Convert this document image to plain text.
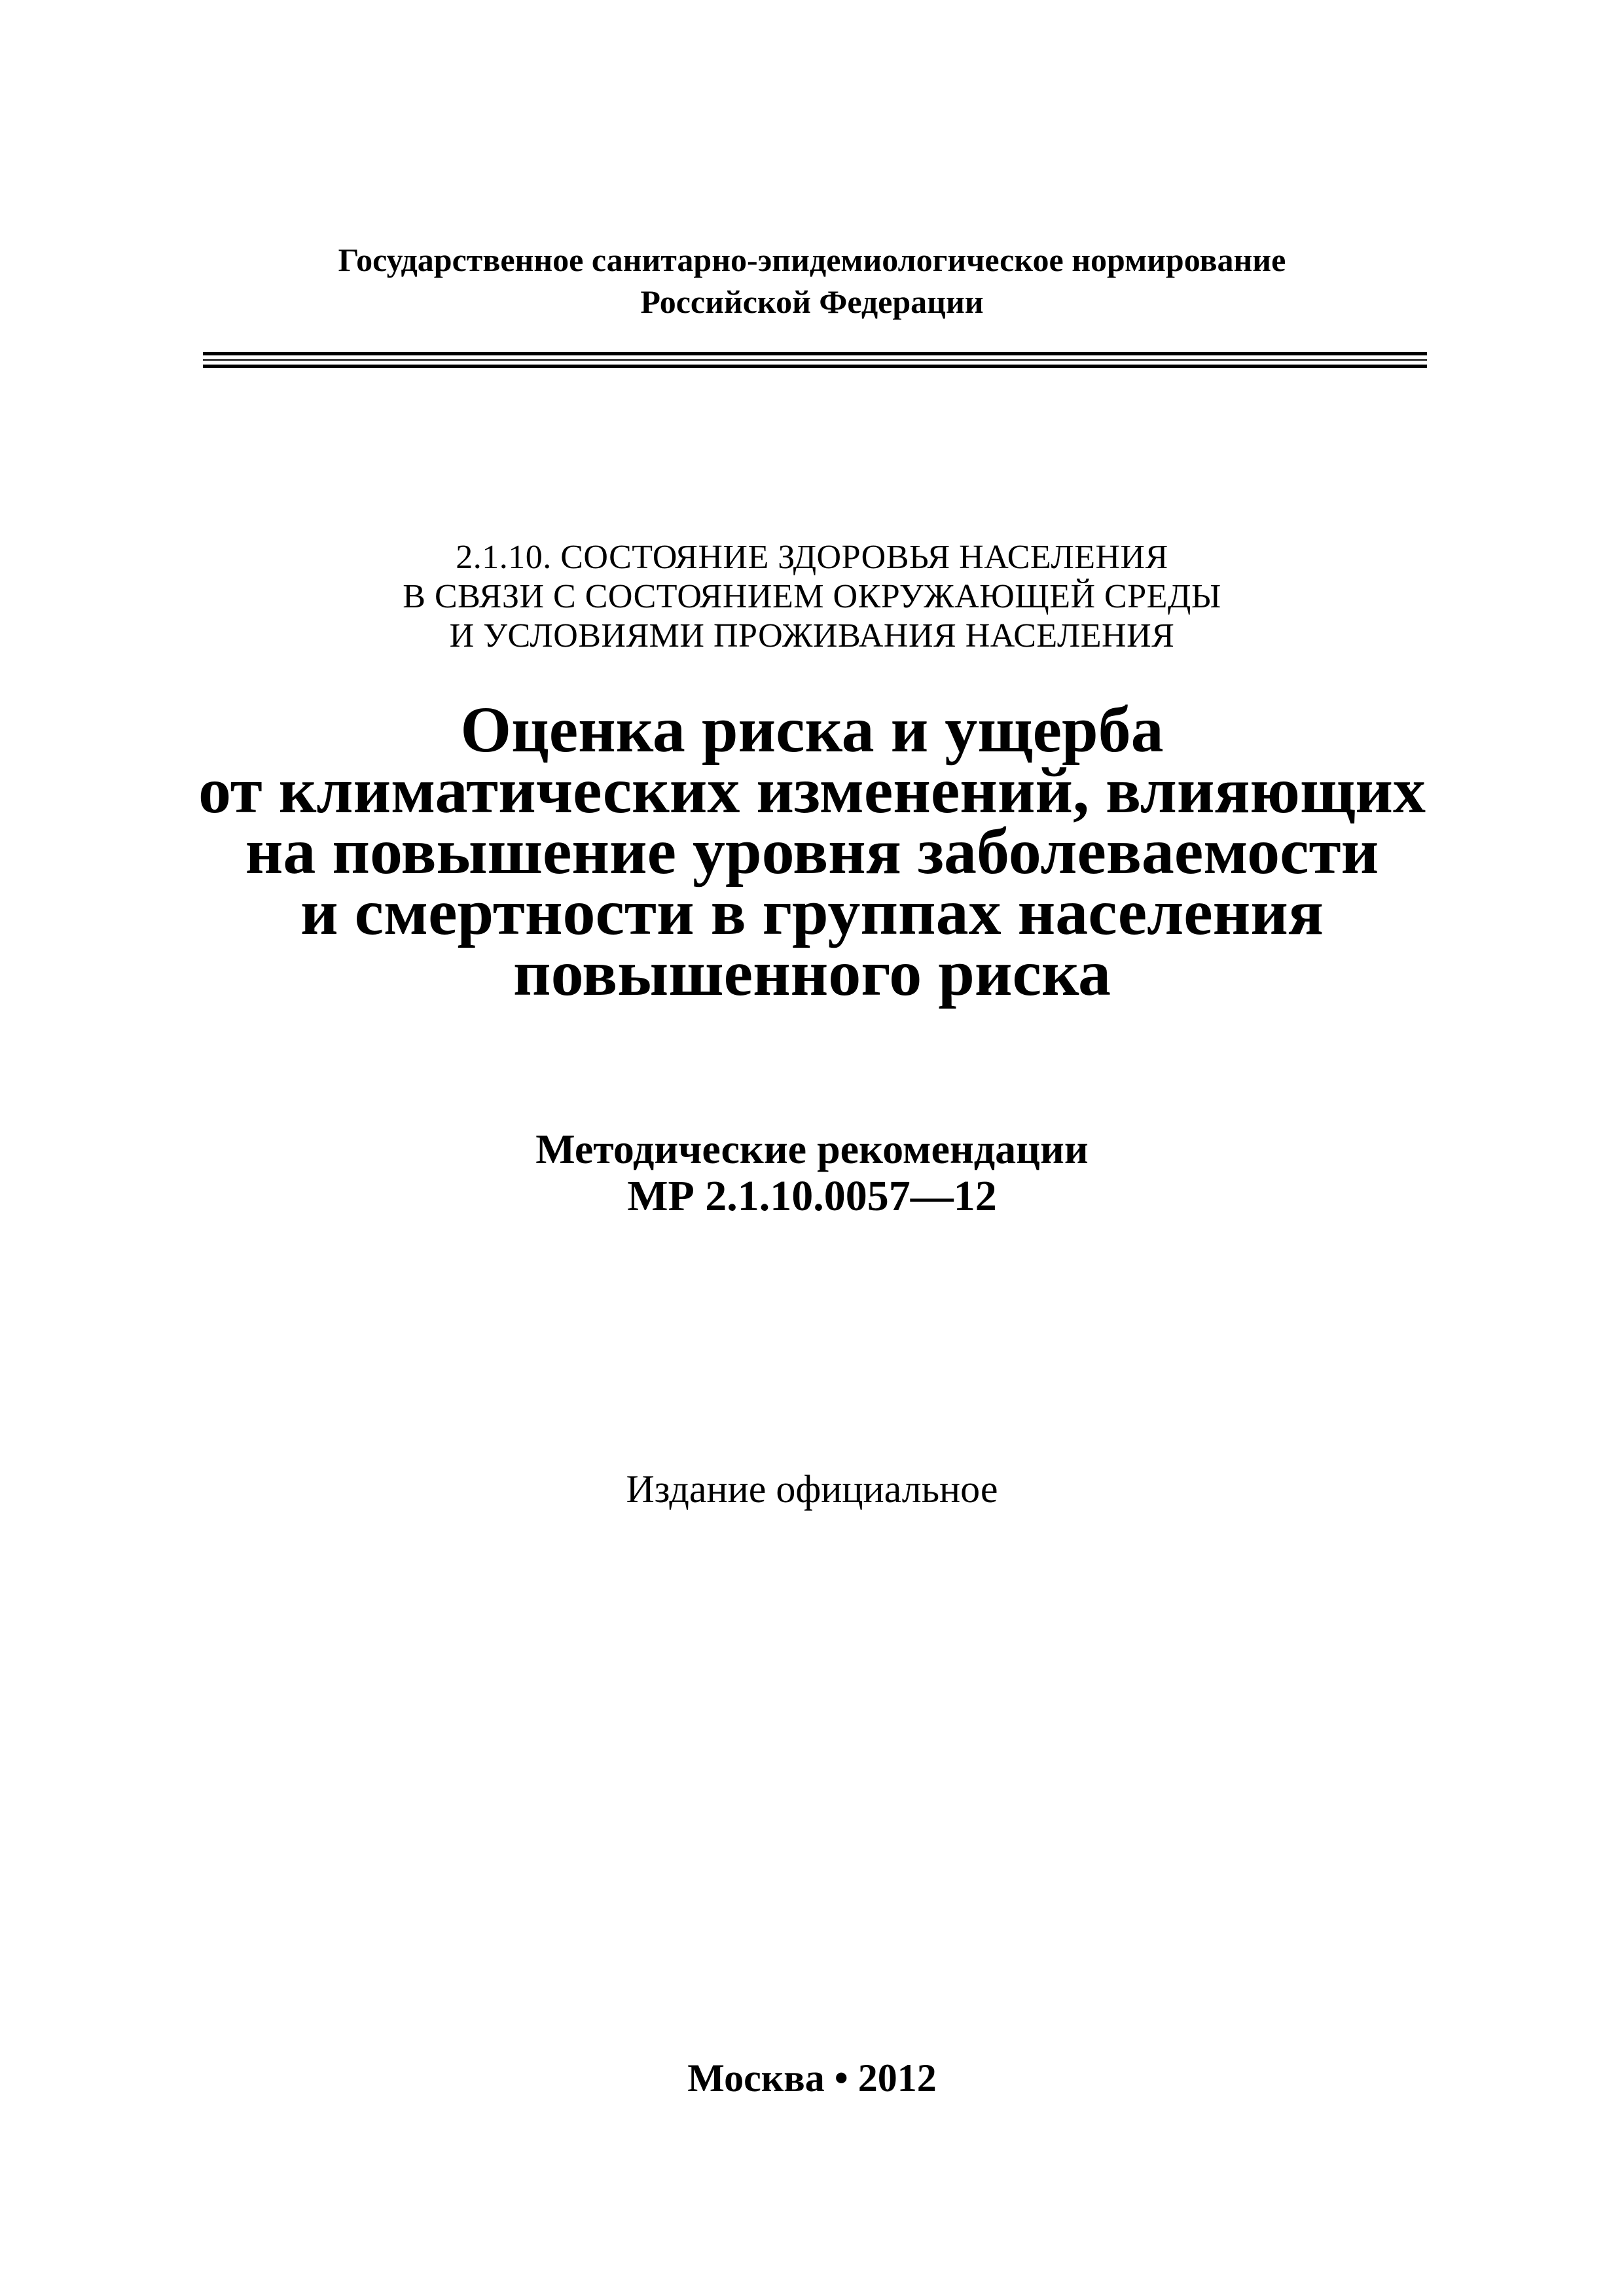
Государственное санитарно-эпидемиологическое нормирование
Российской Федерации
2.1.10. СОСТОЯНИЕ ЗДОРОВЬЯ НАСЕЛЕНИЯ
В СВЯЗИ С СОСТОЯНИЕМ ОКРУЖАЮЩЕЙ СРЕДЫ
И УСЛОВИЯМИ ПРОЖИВАНИЯ НАСЕЛЕНИЯ
Оценка риска и ущерба
от климатических изменений, влияющих
на повышение уровня заболеваемости
и смертности в группах населения
повышенного риска
Методические рекомендации
МР 2.1.10.0057—12
Издание официальное
Москва • 2012
